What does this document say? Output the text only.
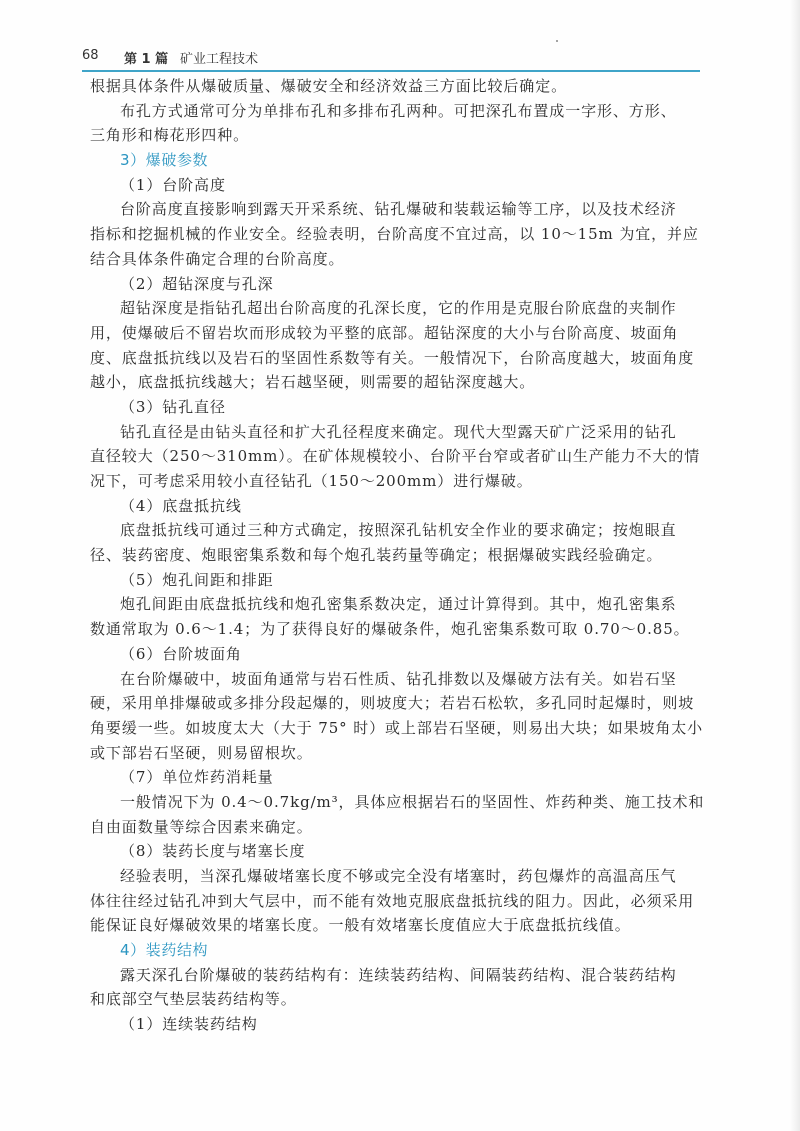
68 第 1 篇 矿业工程技术
根据具体条件从爆破质量、爆破安全和经济效益三方面比较后确定。
布孔方式通常可分为单排布孔和多排布孔两种。可把深孔布置成一字形、方形、
三角形和梅花形四种。
3）爆破参数
（1）台阶高度
台阶高度直接影响到露天开采系统、钻孔爆破和装载运输等工序，以及技术经济
指标和挖掘机械的作业安全。经验表明，台阶高度不宜过高，以 10～15m 为宜，并应
结合具体条件确定合理的台阶高度。
（2）超钻深度与孔深
超钻深度是指钻孔超出台阶高度的孔深长度，它的作用是克服台阶底盘的夹制作
用，使爆破后不留岩坎而形成较为平整的底部。超钻深度的大小与台阶高度、坡面角
度、底盘抵抗线以及岩石的坚固性系数等有关。一般情况下，台阶高度越大，坡面角度
越小，底盘抵抗线越大；岩石越坚硬，则需要的超钻深度越大。
（3）钻孔直径
钻孔直径是由钻头直径和扩大孔径程度来确定。现代大型露天矿广泛采用的钻孔
直径较大（250～310mm）。在矿体规模较小、台阶平台窄或者矿山生产能力不大的情
况下，可考虑采用较小直径钻孔（150～200mm）进行爆破。
（4）底盘抵抗线
底盘抵抗线可通过三种方式确定，按照深孔钻机安全作业的要求确定；按炮眼直
径、装药密度、炮眼密集系数和每个炮孔装药量等确定；根据爆破实践经验确定。
（5）炮孔间距和排距
炮孔间距由底盘抵抗线和炮孔密集系数决定，通过计算得到。其中，炮孔密集系
数通常取为 0.6～1.4；为了获得良好的爆破条件，炮孔密集系数可取 0.70～0.85。
（6）台阶坡面角
在台阶爆破中，坡面角通常与岩石性质、钻孔排数以及爆破方法有关。如岩石坚
硬，采用单排爆破或多排分段起爆的，则坡度大；若岩石松软，多孔同时起爆时，则坡
角要缓一些。如坡度太大（大于 75° 时）或上部岩石坚硬，则易出大块；如果坡角太小
或下部岩石坚硬，则易留根坎。
（7）单位炸药消耗量
一般情况下为 0.4～0.7kg/m³，具体应根据岩石的坚固性、炸药种类、施工技术和
自由面数量等综合因素来确定。
（8）装药长度与堵塞长度
经验表明，当深孔爆破堵塞长度不够或完全没有堵塞时，药包爆炸的高温高压气
体往往经过钻孔冲到大气层中，而不能有效地克服底盘抵抗线的阻力。因此，必须采用
能保证良好爆破效果的堵塞长度。一般有效堵塞长度值应大于底盘抵抗线值。
4）装药结构
露天深孔台阶爆破的装药结构有：连续装药结构、间隔装药结构、混合装药结构
和底部空气垫层装药结构等。
（1）连续装药结构
